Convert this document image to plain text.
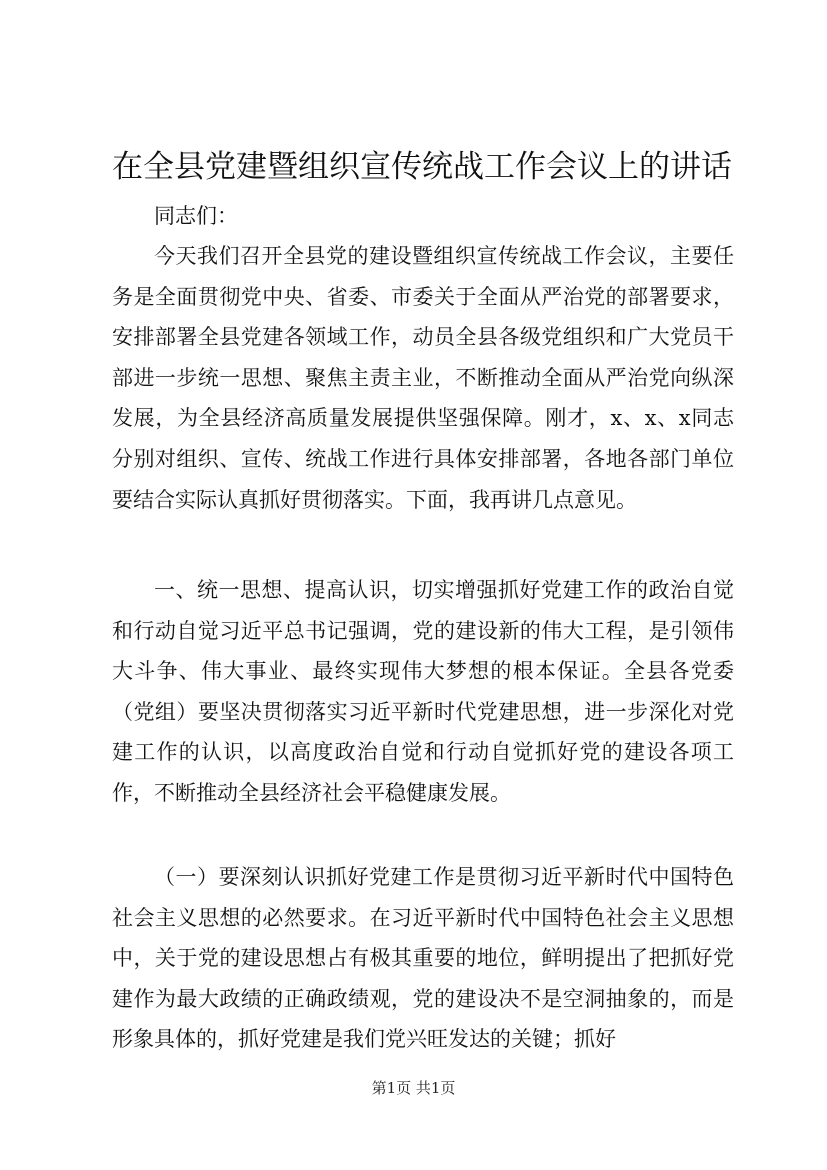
在全县党建暨组织宣传统战工作会议上的讲话
同志们：

今天我们召开全县党的建设暨组织宣传统战工作会议，主要任务是全面贯彻党中央、省委、市委关于全面从严治党的部署要求，安排部署全县党建各领域工作，动员全县各级党组织和广大党员干部进一步统一思想、聚焦主责主业，不断推动全面从严治党向纵深发展，为全县经济高质量发展提供坚强保障。刚才，x、x、x同志分别对组织、宣传、统战工作进行具体安排部署，各地各部门单位要结合实际认真抓好贯彻落实。下面，我再讲几点意见。

一、统一思想、提高认识，切实增强抓好党建工作的政治自觉和行动自觉习近平总书记强调，党的建设新的伟大工程，是引领伟大斗争、伟大事业、最终实现伟大梦想的根本保证。全县各党委（党组）要坚决贯彻落实习近平新时代党建思想，进一步深化对党建工作的认识，以高度政治自觉和行动自觉抓好党的建设各项工作，不断推动全县经济社会平稳健康发展。

（一）要深刻认识抓好党建工作是贯彻习近平新时代中国特色社会主义思想的必然要求。在习近平新时代中国特色社会主义思想中，关于党的建设思想占有极其重要的地位，鲜明提出了把抓好党建作为最大政绩的正确政绩观，党的建设决不是空洞抽象的，而是形象具体的，抓好党建是我们党兴旺发达的关键；抓好

第1页 共1页
